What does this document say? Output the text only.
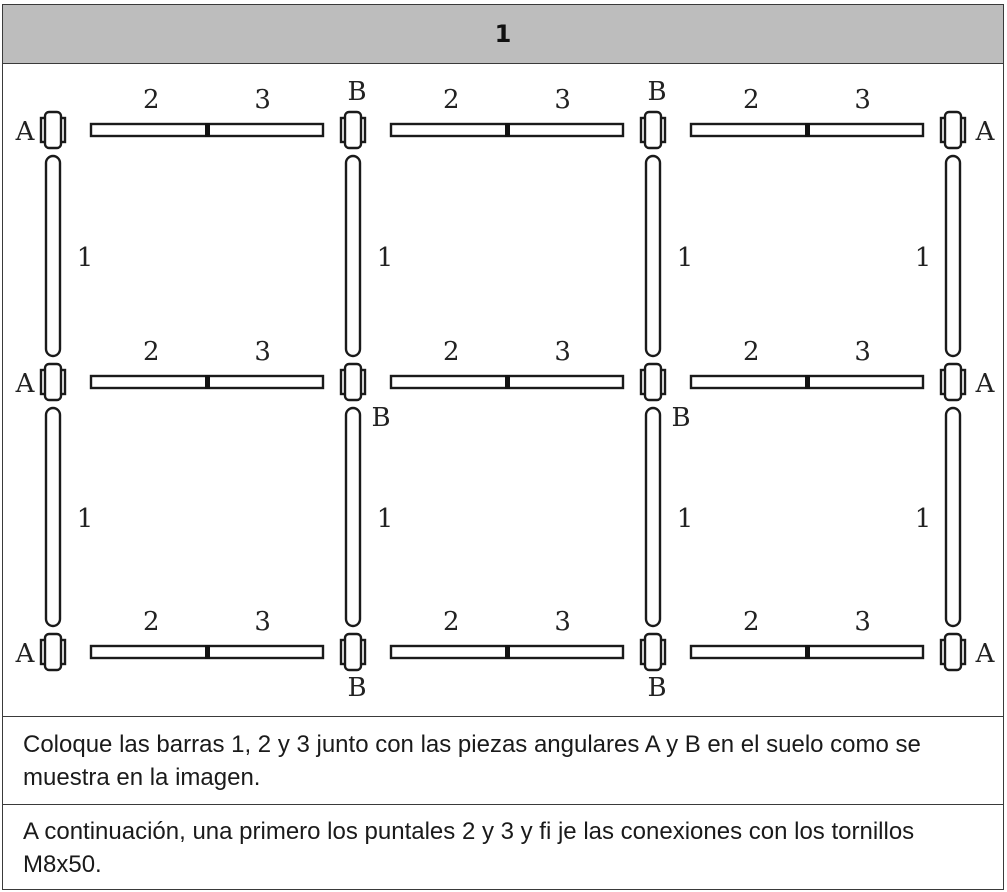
1
2	3	2	3	2	3
2	3	2	3	2	3
2	3	2	3	2	3
1
1
1
1
1
1
1
1
A
B	B
A
A
B	B
A
A
B	B
A
Coloque las barras 1, 2 y 3 junto con las piezas angulares A y B en el suelo como se muestra en la imagen.
A continuación, una primero los puntales 2 y 3 y fi je las conexiones con los tornillos M8x50.
